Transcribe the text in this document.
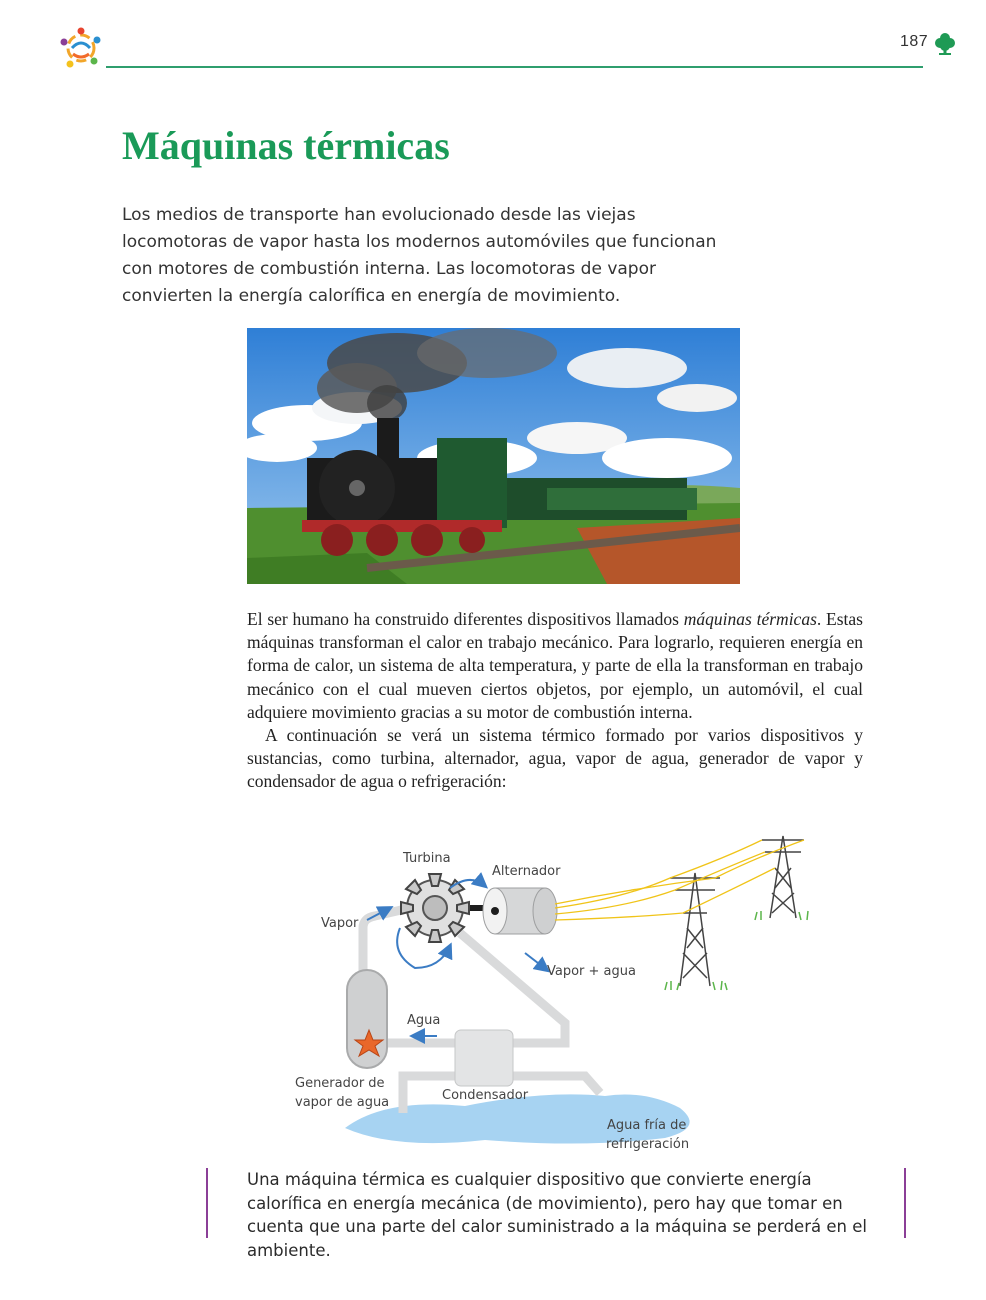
187
Máquinas térmicas

Los medios de transporte han evolucionado desde las viejas locomotoras de vapor hasta los modernos automóviles que funcionan con motores de combustión interna. Las locomotoras de vapor convierten la energía calorífica en energía de movimiento.

El ser humano ha construido diferentes dispositivos llamados máquinas térmicas. Estas máquinas transforman el calor en trabajo mecánico. Para lograrlo, requieren energía en forma de calor, un sistema de alta temperatura, y parte de ella la transforman en trabajo mecánico con el cual mueven ciertos objetos, por ejemplo, un automóvil, el cual adquiere movimiento gracias a su motor de combustión interna.

A continuación se verá un sistema térmico formado por varios dispositivos y sustancias, como turbina, alternador, agua, vapor de agua, generador de vapor y condensador de agua o refrigeración:

Turbina
Alternador
Vapor
Vapor + agua
Agua
Generador de
vapor de agua	Condensador
Agua fría de
refrigeración

Una máquina térmica es cualquier dispositivo que convierte energía calorífica en energía mecánica (de movimiento), pero hay que tomar en cuenta que una parte del calor suministrado a la máquina se perderá en el ambiente.
